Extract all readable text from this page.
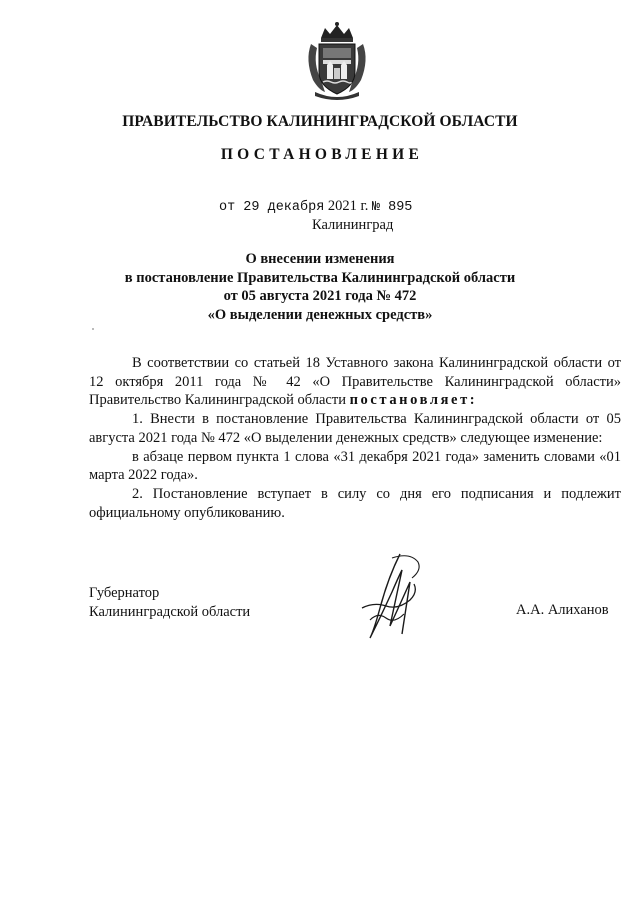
ПРАВИТЕЛЬСТВО КАЛИНИНГРАДСКОЙ ОБЛАСТИ
ПОСТАНОВЛЕНИЕ
от 29 декабря 2021 г. № 895
Калининград
О внесении изменения
в постановление Правительства Калининградской области
от 05 августа 2021 года № 472
«О выделении денежных средств»

В соответствии со статьей 18 Уставного закона Калининградской области от 12 октября 2011 года № 42 «О Правительстве Калининградской области» Правительство Калининградской области постановляет:

1. Внести в постановление Правительства Калининградской области от 05 августа 2021 года № 472 «О выделении денежных средств» следующее изменение:

в абзаце первом пункта 1 слова «31 декабря 2021 года» заменить словами «01 марта 2022 года».

2. Постановление вступает в силу со дня его подписания и подлежит официальному опубликованию.

Губернатор
Калининградской области	А.А. Алиханов
